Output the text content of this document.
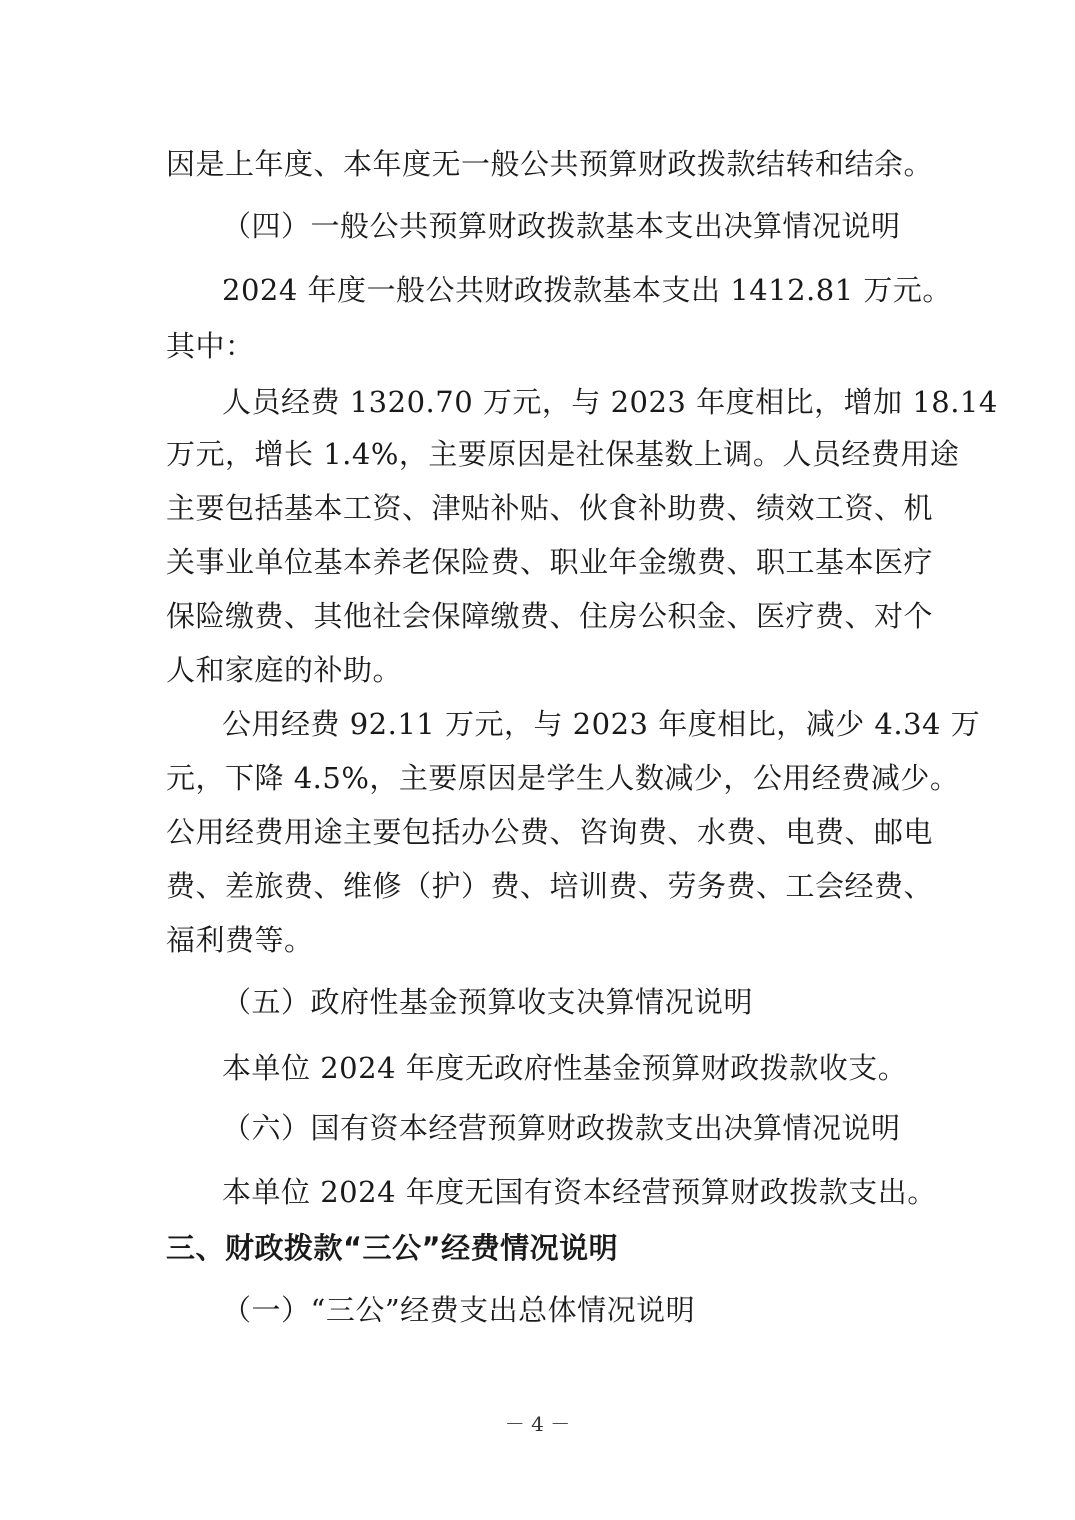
因是上年度、本年度无一般公共预算财政拨款结转和结余。
（四）一般公共预算财政拨款基本支出决算情况说明
2024 年度一般公共财政拨款基本支出 1412.81 万元。
其中：
人员经费 1320.70 万元，与 2023 年度相比，增加 18.14
万元，增长 1.4%，主要原因是社保基数上调。人员经费用途
主要包括基本工资、津贴补贴、伙食补助费、绩效工资、机
关事业单位基本养老保险费、职业年金缴费、职工基本医疗
保险缴费、其他社会保障缴费、住房公积金、医疗费、对个
人和家庭的补助。
公用经费 92.11 万元，与 2023 年度相比，减少 4.34 万
元，下降 4.5%，主要原因是学生人数减少，公用经费减少。
公用经费用途主要包括办公费、咨询费、水费、电费、邮电
费、差旅费、维修（护）费、培训费、劳务费、工会经费、
福利费等。
（五）政府性基金预算收支决算情况说明
本单位 2024 年度无政府性基金预算财政拨款收支。
（六）国有资本经营预算财政拨款支出决算情况说明
本单位 2024 年度无国有资本经营预算财政拨款支出。
三、财政拨款“三公”经费情况说明
（一）“三公”经费支出总体情况说明
－ 4 －
